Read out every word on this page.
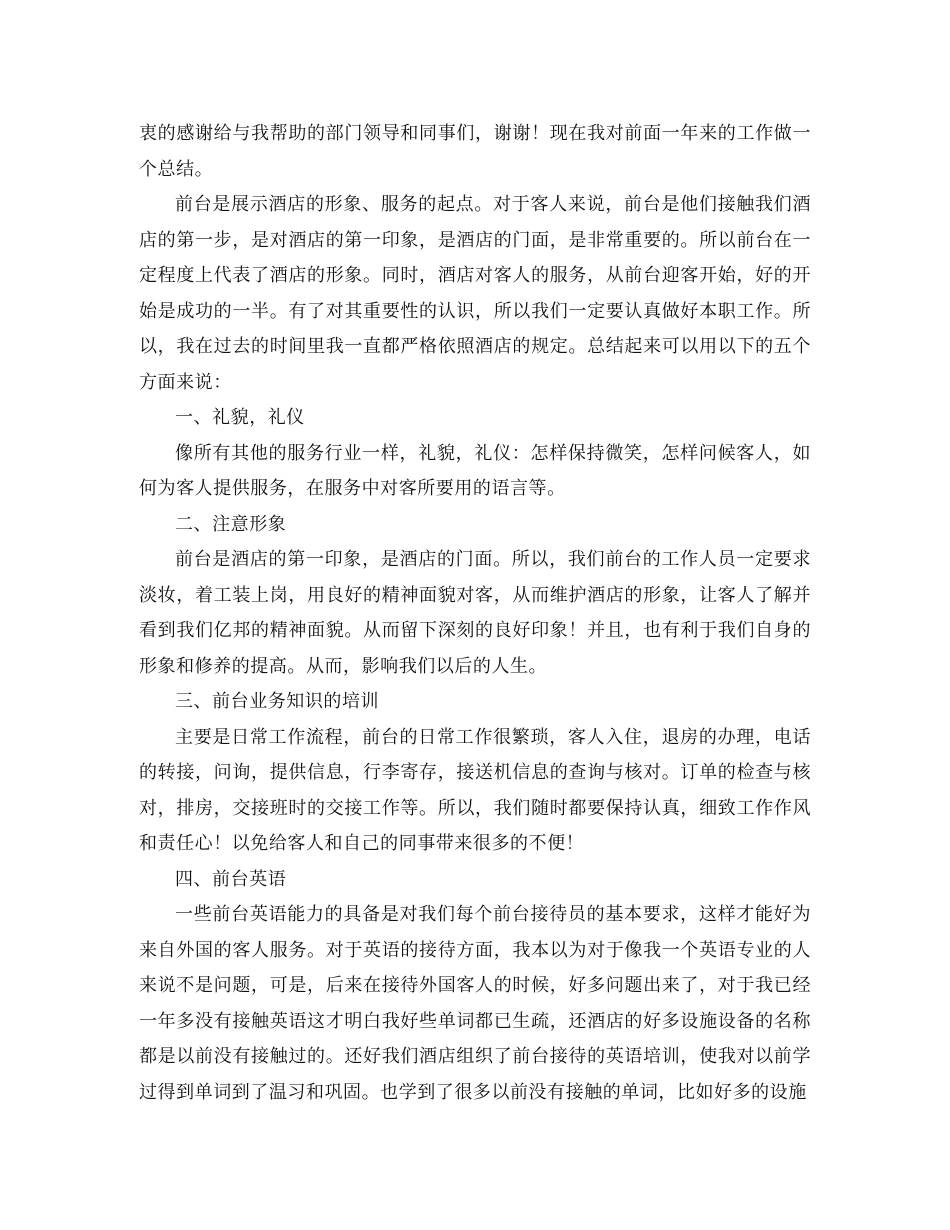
衷的感谢给与我帮助的部门领导和同事们，谢谢！现在我对前面一年来的工作做一个总结。

前台是展示酒店的形象、服务的起点。对于客人来说，前台是他们接触我们酒店的第一步，是对酒店的第一印象，是酒店的门面，是非常重要的。所以前台在一定程度上代表了酒店的形象。同时，酒店对客人的服务，从前台迎客开始，好的开始是成功的一半。有了对其重要性的认识，所以我们一定要认真做好本职工作。所以，我在过去的时间里我一直都严格依照酒店的规定。总结起来可以用以下的五个方面来说：

一、礼貌，礼仪

像所有其他的服务行业一样，礼貌，礼仪：怎样保持微笑，怎样问候客人，如何为客人提供服务，在服务中对客所要用的语言等。

二、注意形象

前台是酒店的第一印象，是酒店的门面。所以，我们前台的工作人员一定要求淡妆，着工装上岗，用良好的精神面貌对客，从而维护酒店的形象，让客人了解并看到我们亿邦的精神面貌。从而留下深刻的良好印象！并且，也有利于我们自身的形象和修养的提高。从而，影响我们以后的人生。

三、前台业务知识的培训

主要是日常工作流程，前台的日常工作很繁琐，客人入住，退房的办理，电话的转接，问询，提供信息，行李寄存，接送机信息的查询与核对。订单的检查与核对，排房，交接班时的交接工作等。所以，我们随时都要保持认真，细致工作作风和责任心！以免给客人和自己的同事带来很多的不便！

四、前台英语

一些前台英语能力的具备是对我们每个前台接待员的基本要求，这样才能好为来自外国的客人服务。对于英语的接待方面，我本以为对于像我一个英语专业的人来说不是问题，可是，后来在接待外国客人的时候，好多问题出来了，对于我已经一年多没有接触英语这才明白我好些单词都已生疏，还酒店的好多设施设备的名称都是以前没有接触过的。还好我们酒店组织了前台接待的英语培训，使我对以前学过得到单词到了温习和巩固。也学到了很多以前没有接触的单词，比如好多的设施
